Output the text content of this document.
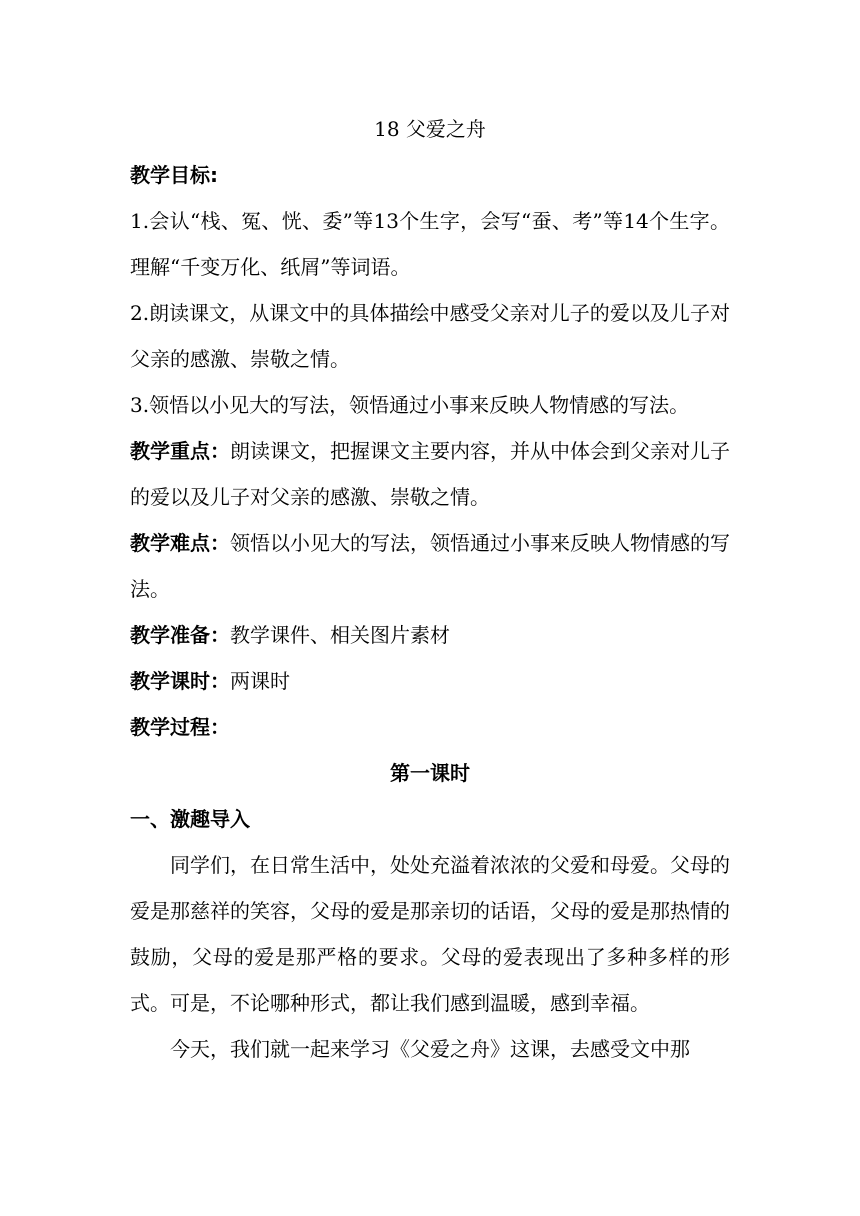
18 父爱之舟

教学目标:

1.会认“栈、冤、恍、委”等13个生字，会写“蚕、考”等14个生字。理解“千变万化、纸屑”等词语。

2.朗读课文，从课文中的具体描绘中感受父亲对儿子的爱以及儿子对父亲的感激、崇敬之情。

3.领悟以小见大的写法，领悟通过小事来反映人物情感的写法。

教学重点：朗读课文，把握课文主要内容，并从中体会到父亲对儿子的爱以及儿子对父亲的感激、崇敬之情。

教学难点：领悟以小见大的写法，领悟通过小事来反映人物情感的写法。

教学准备：教学课件、相关图片素材

教学课时：两课时

教学过程：

第一课时

一、激趣导入

同学们，在日常生活中，处处充溢着浓浓的父爱和母爱。父母的爱是那慈祥的笑容，父母的爱是那亲切的话语，父母的爱是那热情的鼓励，父母的爱是那严格的要求。父母的爱表现出了多种多样的形式。可是，不论哪种形式，都让我们感到温暖，感到幸福。

今天，我们就一起来学习《父爱之舟》这课，去感受文中那
